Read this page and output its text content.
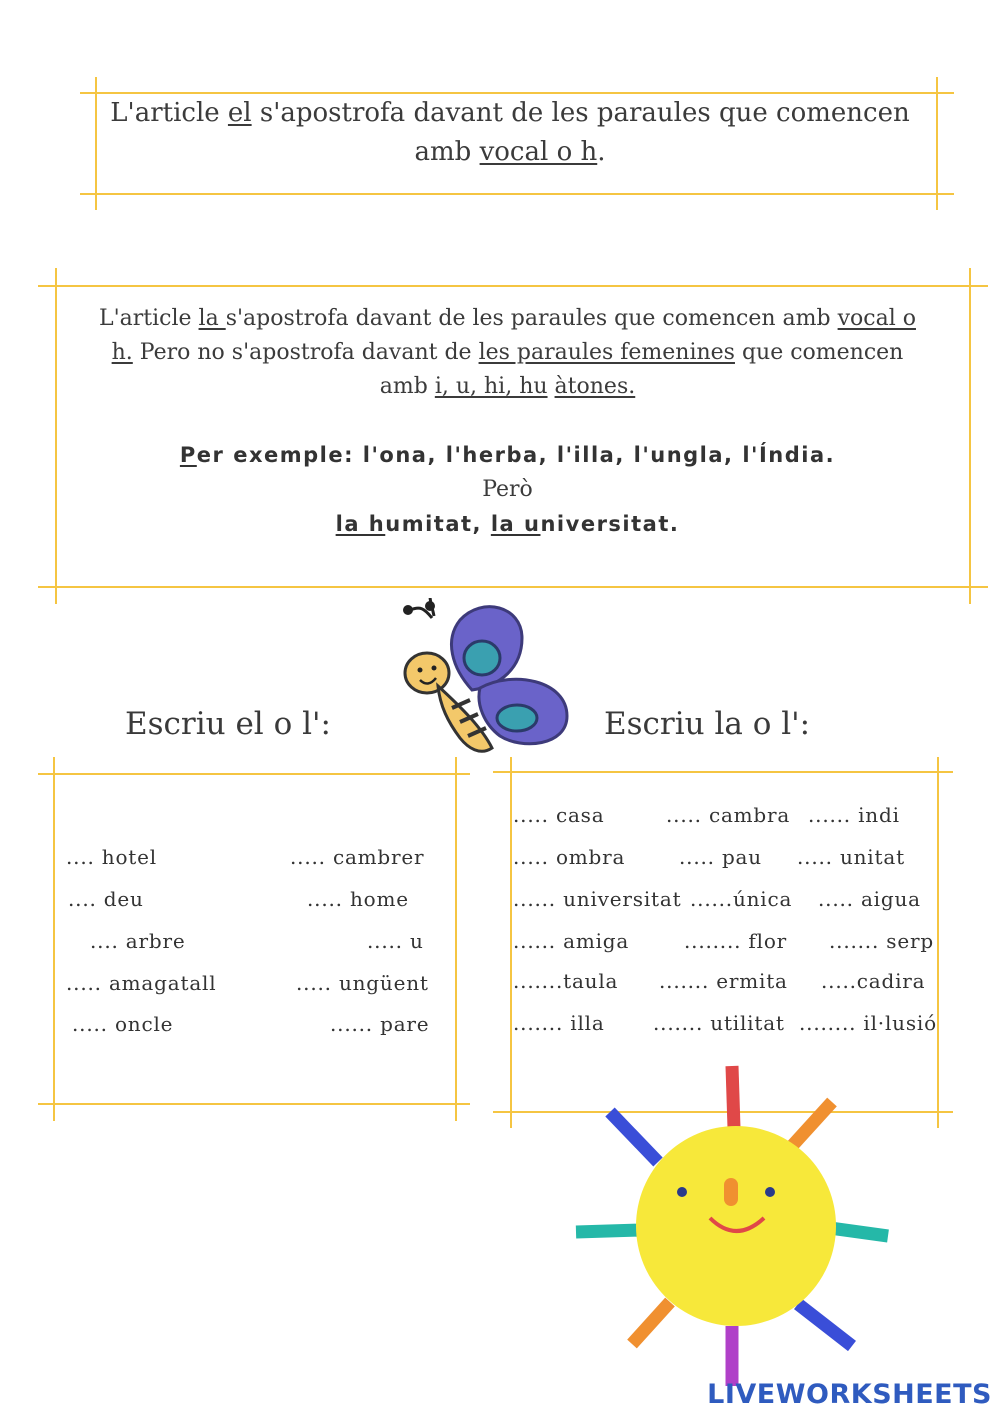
L'article el s'apostrofa davant de les paraules que comencen
amb vocal o h.
L'article la s'apostrofa davant de les paraules que comencen amb vocal o
h. Pero no s'apostrofa davant de les paraules femenines que comencen
amb i, u, hi, hu àtones.

Per exemple: l'ona, l'herba, l'illa, l'ungla, l'Índia.
Però
la humitat, la universitat.
Escriu el o l':	Escriu la o l':
.... hotel	..... cambrer
.... deu	..... home
.... arbre	..... u
..... amagatall	..... ungüent
..... oncle	...... pare
..... casa	..... cambra ...... indi
..... ombra	..... pau ..... unitat
...... universitat ......única ..... aigua
...... amiga	........ flor ....... serp
.......taula ....... ermita .....cadira
....... illa ....... utilitat ........ il·lusió
LIVEWORKSHEETS
